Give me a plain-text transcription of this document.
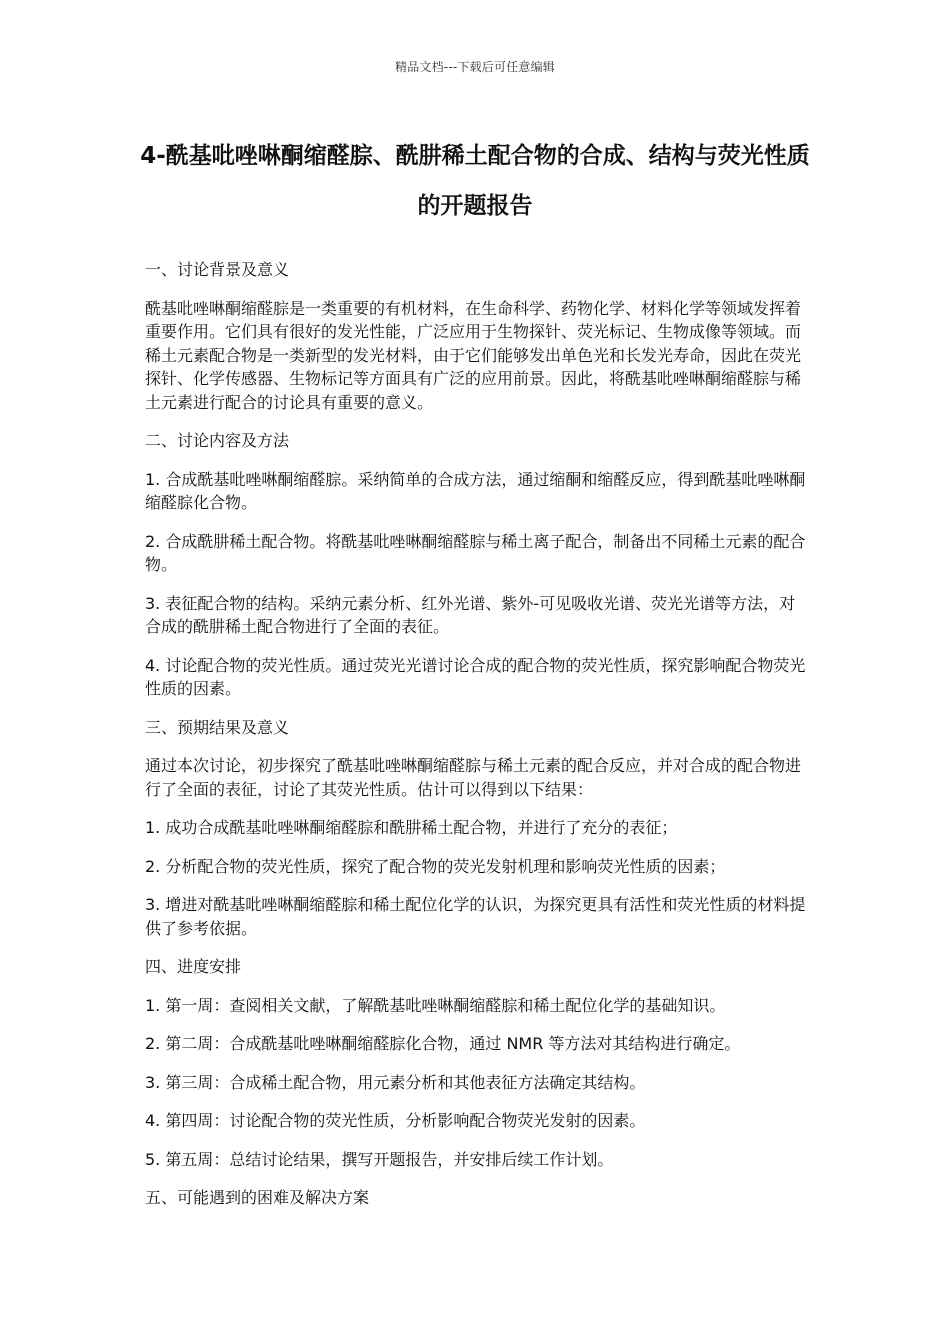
精品文档---下载后可任意编辑
4-酰基吡唑啉酮缩醛腙、酰肼稀土配合物的合成、结构与荧光性质的开题报告

一、讨论背景及意义

酰基吡唑啉酮缩醛腙是一类重要的有机材料，在生命科学、药物化学、材料化学等领域发挥着重要作用。它们具有很好的发光性能，广泛应用于生物探针、荧光标记、生物成像等领域。而稀土元素配合物是一类新型的发光材料，由于它们能够发出单色光和长发光寿命，因此在荧光探针、化学传感器、生物标记等方面具有广泛的应用前景。因此，将酰基吡唑啉酮缩醛腙与稀土元素进行配合的讨论具有重要的意义。

二、讨论内容及方法

1. 合成酰基吡唑啉酮缩醛腙。采纳简单的合成方法，通过缩酮和缩醛反应，得到酰基吡唑啉酮缩醛腙化合物。

2. 合成酰肼稀土配合物。将酰基吡唑啉酮缩醛腙与稀土离子配合，制备出不同稀土元素的配合物。

3. 表征配合物的结构。采纳元素分析、红外光谱、紫外-可见吸收光谱、荧光光谱等方法，对合成的酰肼稀土配合物进行了全面的表征。

4. 讨论配合物的荧光性质。通过荧光光谱讨论合成的配合物的荧光性质，探究影响配合物荧光性质的因素。

三、预期结果及意义

通过本次讨论，初步探究了酰基吡唑啉酮缩醛腙与稀土元素的配合反应，并对合成的配合物进行了全面的表征，讨论了其荧光性质。估计可以得到以下结果：

1. 成功合成酰基吡唑啉酮缩醛腙和酰肼稀土配合物，并进行了充分的表征；

2. 分析配合物的荧光性质，探究了配合物的荧光发射机理和影响荧光性质的因素；

3. 增进对酰基吡唑啉酮缩醛腙和稀土配位化学的认识，为探究更具有活性和荧光性质的材料提供了参考依据。

四、进度安排

1. 第一周：查阅相关文献，了解酰基吡唑啉酮缩醛腙和稀土配位化学的基础知识。

2. 第二周：合成酰基吡唑啉酮缩醛腙化合物，通过 NMR 等方法对其结构进行确定。

3. 第三周：合成稀土配合物，用元素分析和其他表征方法确定其结构。

4. 第四周：讨论配合物的荧光性质，分析影响配合物荧光发射的因素。

5. 第五周：总结讨论结果，撰写开题报告，并安排后续工作计划。

五、可能遇到的困难及解决方案
